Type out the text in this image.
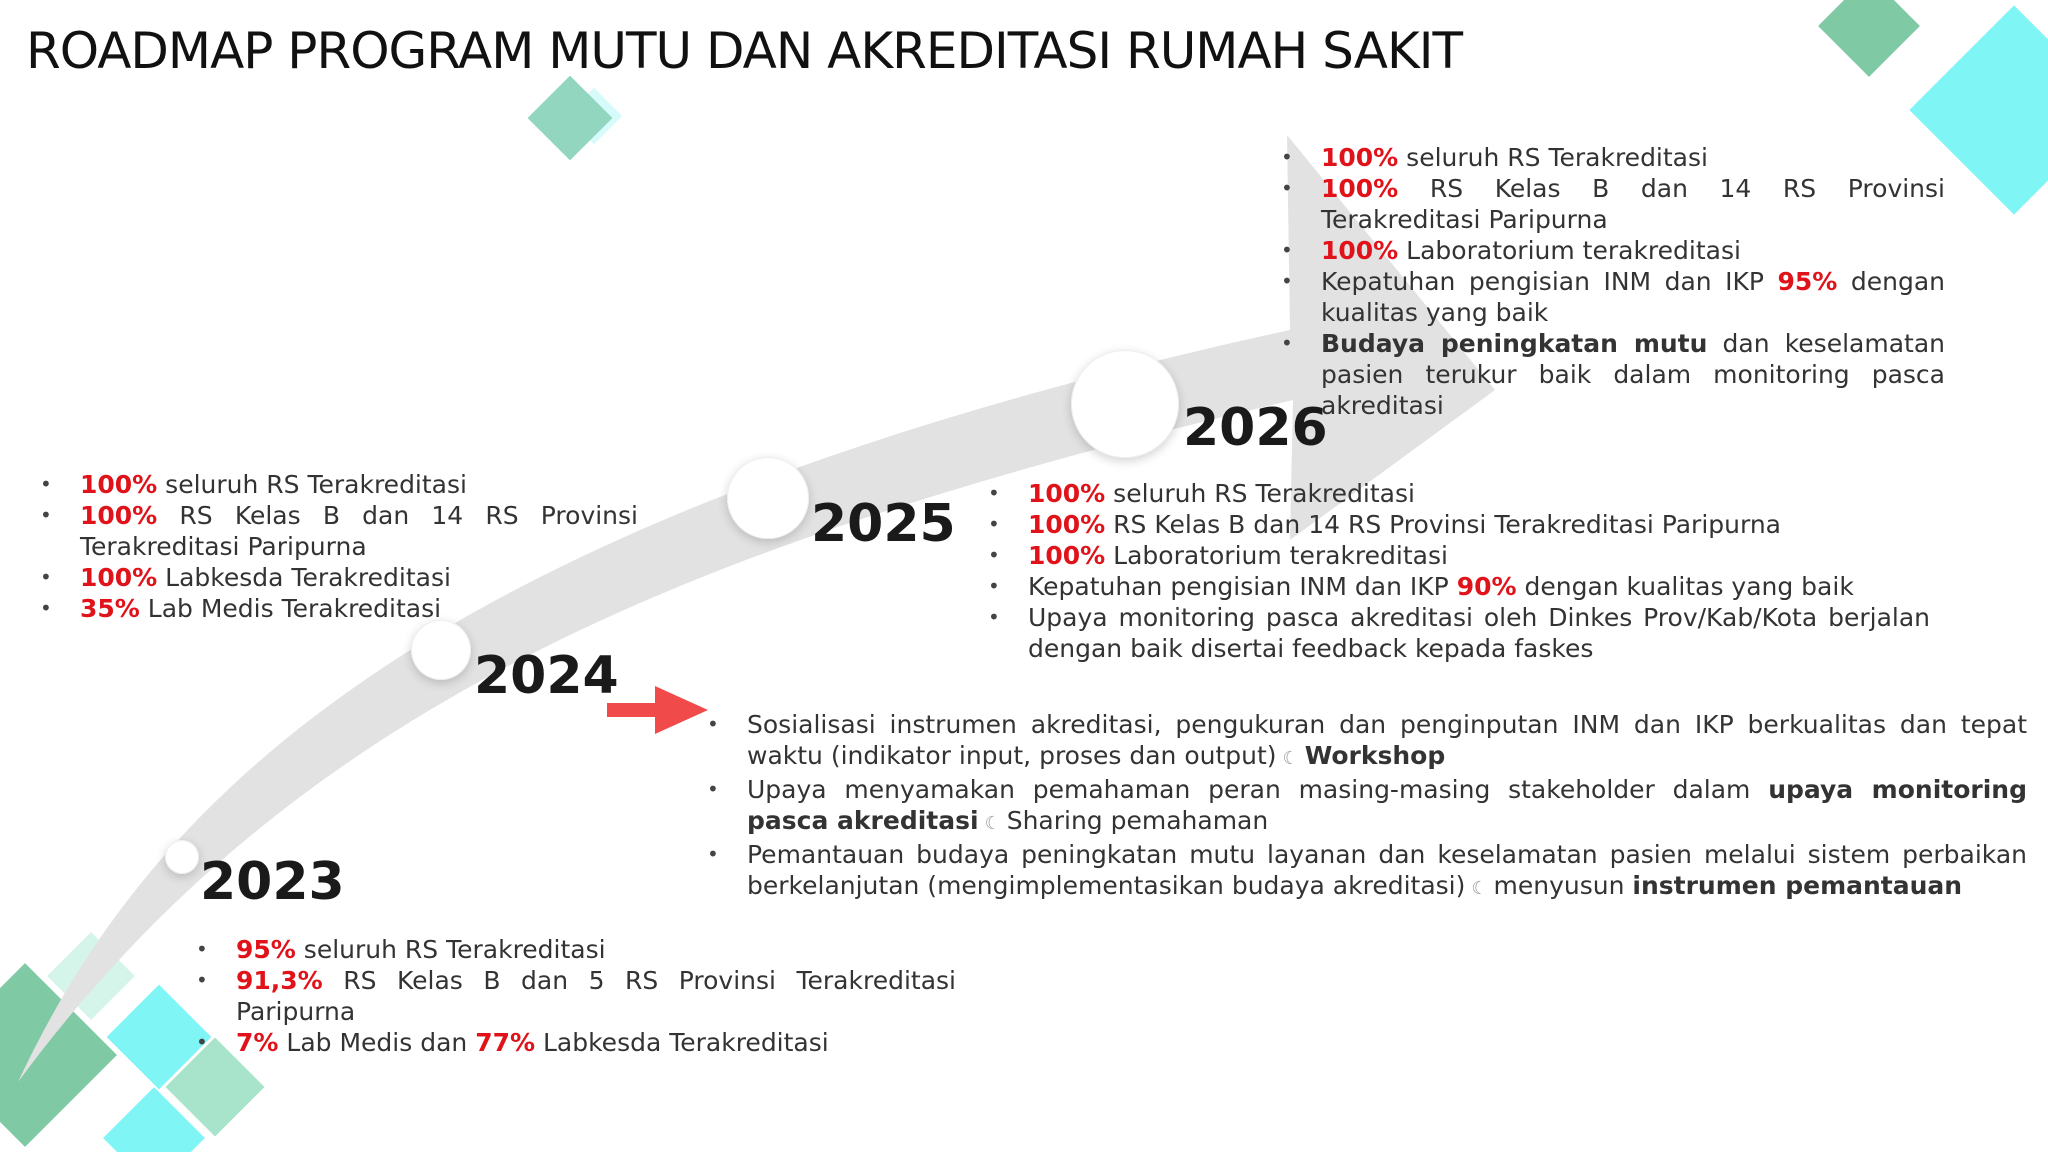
ROADMAP PROGRAM MUTU DAN AKREDITASI RUMAH SAKIT
2023
2024
2025
2026
• 95% seluruh RS Terakreditasi
• 91,3% RS Kelas B dan 5 RS Provinsi Terakreditasi Paripurna
• 7% Lab Medis dan 77% Labkesda Terakreditasi
• 100% seluruh RS Terakreditasi
• 100% RS Kelas B dan 14 RS Provinsi Terakreditasi Paripurna
• 100% Labkesda Terakreditasi
• 35% Lab Medis Terakreditasi
• 100% seluruh RS Terakreditasi
• 100% RS Kelas B dan 14 RS Provinsi Terakreditasi Paripurna
• 100% Laboratorium terakreditasi
• Kepatuhan pengisian INM dan IKP 90% dengan kualitas yang baik
• Upaya monitoring pasca akreditasi oleh Dinkes Prov/Kab/Kota berjalan dengan baik disertai feedback kepada faskes
• 100% seluruh RS Terakreditasi
• 100% RS Kelas B dan 14 RS Provinsi Terakreditasi Paripurna
• 100% Laboratorium terakreditasi
• Kepatuhan pengisian INM dan IKP 95% dengan kualitas yang baik
• Budaya peningkatan mutu dan keselamatan pasien terukur baik dalam monitoring pasca akreditasi
• Sosialisasi instrumen akreditasi, pengukuran dan penginputan INM dan IKP berkualitas dan tepat waktu (indikator input, proses dan output) ☾ Workshop
• Upaya menyamakan pemahaman peran masing-masing stakeholder dalam upaya monitoring pasca akreditasi ☾ Sharing pemahaman
• Pemantauan budaya peningkatan mutu layanan dan keselamatan pasien melalui sistem perbaikan berkelanjutan (mengimplementasikan budaya akreditasi) ☾ menyusun instrumen pemantauan
